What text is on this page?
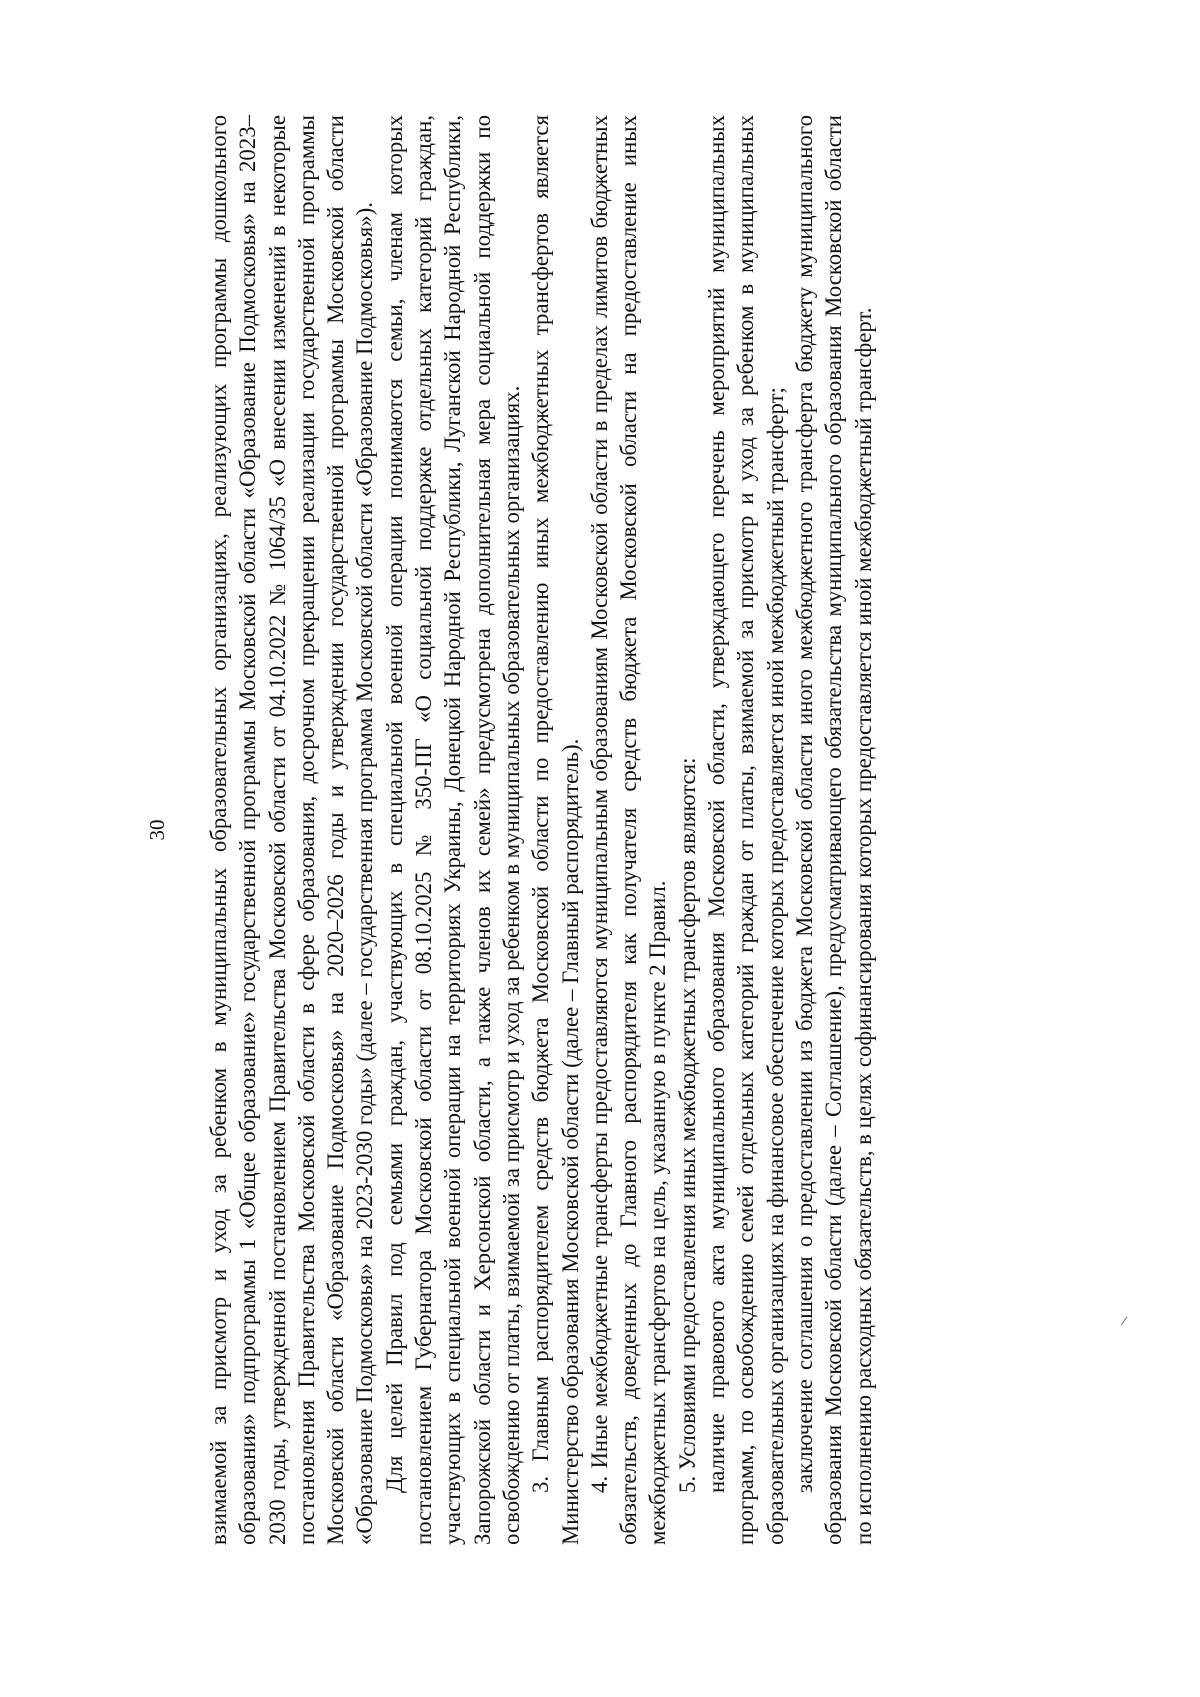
30 взимаемой за присмотр и уход за ребенком в муниципальных образовательных организациях, реализующих программы дошкольного образования» подпрограммы 1 «Общее образование» государственной программы Московской области «Образование Подмосковья» на 2023–2030 годы, утвержденной постановлением Правительства Московской области от 04.10.2022 № 1064/35 «О внесении изменений в некоторые постановления Правительства Московской области в сфере образования, досрочном прекращении реализации государственной программы Московской области «Образование Подмосковья» на 2020–2026 годы и утверждении государственной программы Московской области «Образование Подмосковья» на 2023-2030 годы» (далее – государственная программа Московской области «Образование Подмосковья»). Для целей Правил под семьями граждан, участвующих в специальной военной операции понимаются семьи, членам которых постановлением Губернатора Московской области от 08.10.2025 № 350-ПГ «О социальной поддержке отдельных категорий граждан, участвующих в специальной военной операции на территориях Украины, Донецкой Народной Республики, Луганской Народной Республики, Запорожской области и Херсонской области, а также членов их семей» предусмотрена дополнительная мера социальной поддержки по освобождению от платы, взимаемой за присмотр и уход за ребенком в муниципальных образовательных организациях. 3. Главным распорядителем средств бюджета Московской области по предоставлению иных межбюджетных трансфертов является Министерство образования Московской области (далее – Главный распорядитель). 4. Иные межбюджетные трансферты предоставляются муниципальным образованиям Московской области в пределах лимитов бюджетных обязательств, доведенных до Главного распорядителя как получателя средств бюджета Московской области на предоставление иных межбюджетных трансфертов на цель, указанную в пункте 2 Правил. 5. Условиями предоставления иных межбюджетных трансфертов являются: наличие правового акта муниципального образования Московской области, утверждающего перечень мероприятий муниципальных программ, по освобождению семей отдельных категорий граждан от платы, взимаемой за присмотр и уход за ребенком в муниципальных образовательных организациях на финансовое обеспечение которых предоставляется иной межбюджетный трансферт; заключение соглашения о предоставлении из бюджета Московской области иного межбюджетного трансферта бюджету муниципального образования Московской области (далее – Соглашение), предусматривающего обязательства муниципального образования Московской области по исполнению расходных обязательств, в целях софинансирования которых предоставляется иной межбюджетный трансферт.
